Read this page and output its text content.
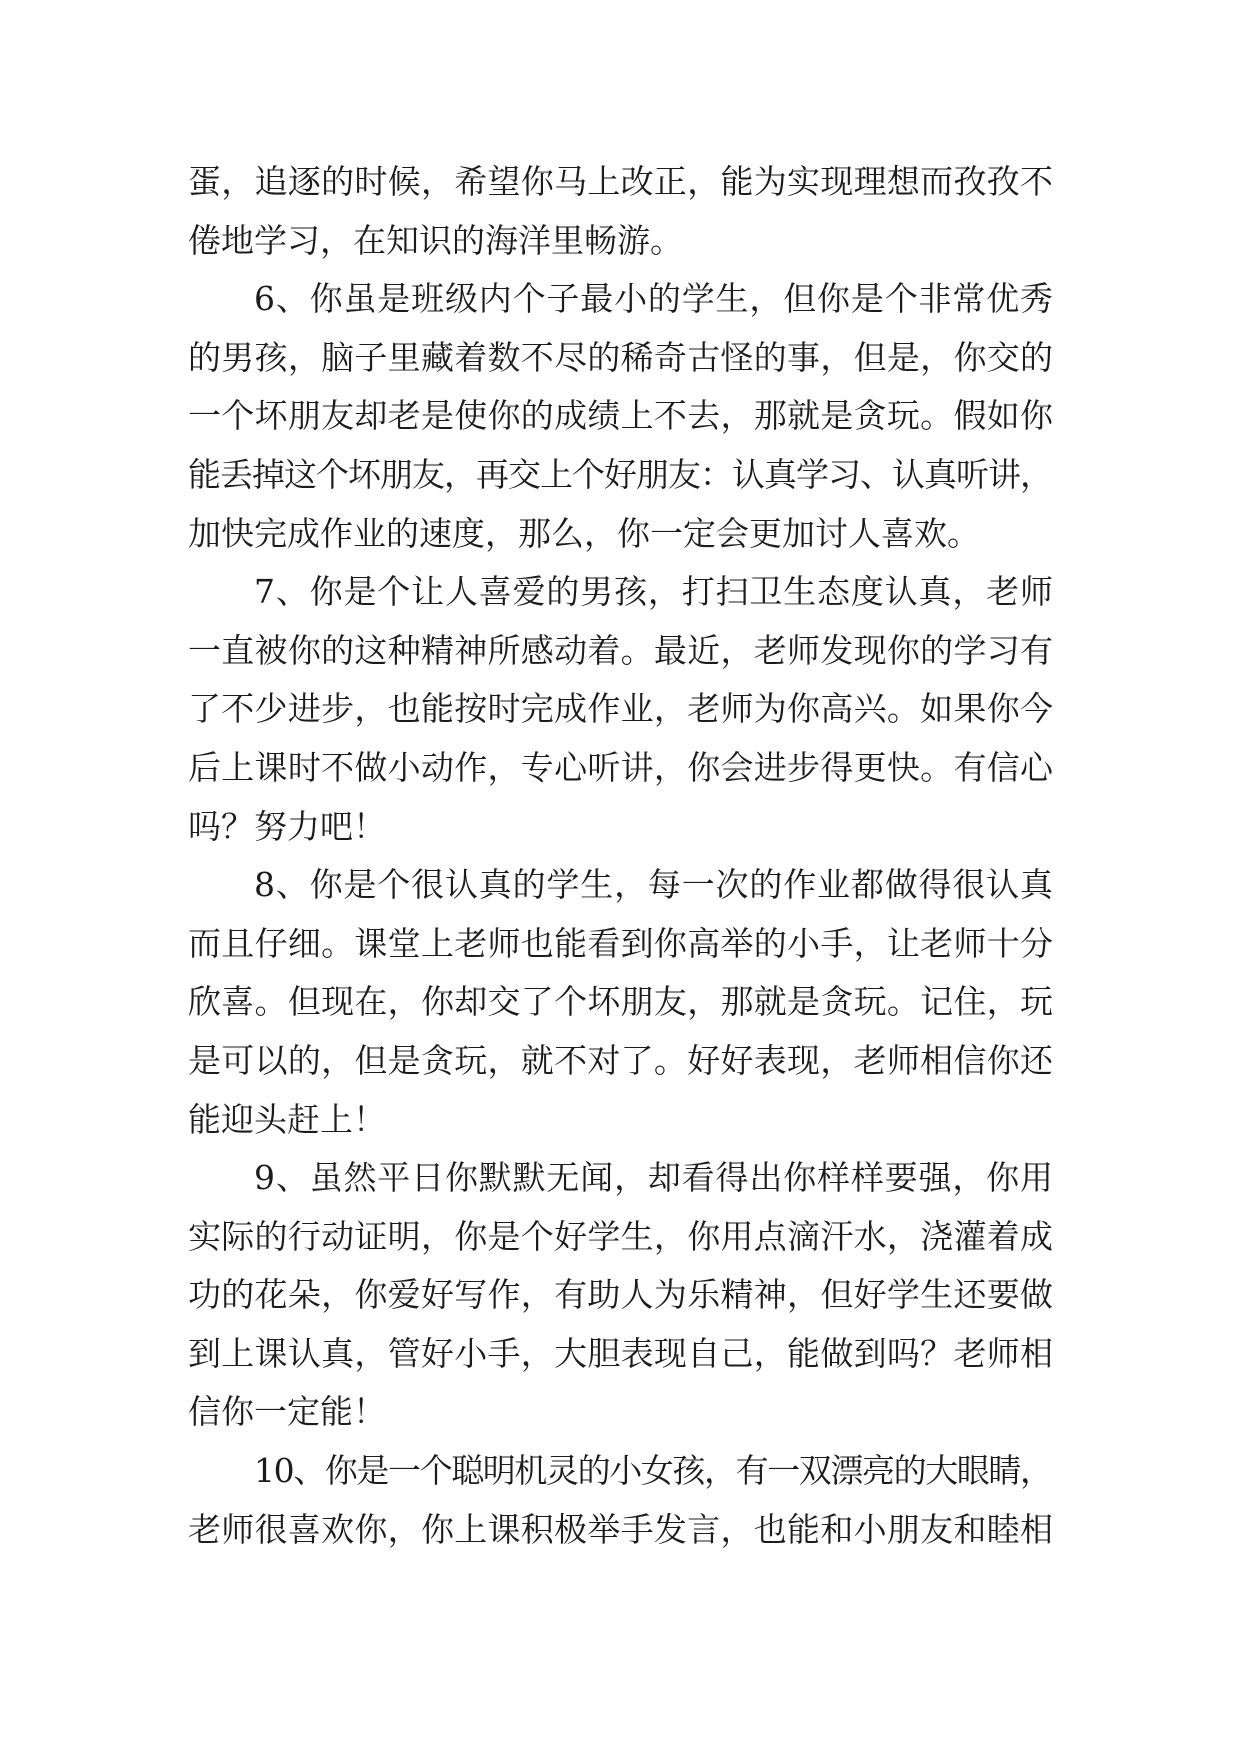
蛋，追逐的时候，希望你马上改正，能为实现理想而孜孜不
倦地学习，在知识的海洋里畅游。
6、你虽是班级内个子最小的学生，但你是个非常优秀
的男孩，脑子里藏着数不尽的稀奇古怪的事，但是，你交的
一个坏朋友却老是使你的成绩上不去，那就是贪玩。假如你
能丢掉这个坏朋友，再交上个好朋友：认真学习、认真听讲，
加快完成作业的速度，那么，你一定会更加讨人喜欢。
7、你是个让人喜爱的男孩，打扫卫生态度认真，老师
一直被你的这种精神所感动着。最近，老师发现你的学习有
了不少进步，也能按时完成作业，老师为你高兴。如果你今
后上课时不做小动作，专心听讲，你会进步得更快。有信心
吗？努力吧！
8、你是个很认真的学生，每一次的作业都做得很认真
而且仔细。课堂上老师也能看到你高举的小手，让老师十分
欣喜。但现在，你却交了个坏朋友，那就是贪玩。记住，玩
是可以的，但是贪玩，就不对了。好好表现，老师相信你还
能迎头赶上！
9、虽然平日你默默无闻，却看得出你样样要强，你用
实际的行动证明，你是个好学生，你用点滴汗水，浇灌着成
功的花朵，你爱好写作，有助人为乐精神，但好学生还要做
到上课认真，管好小手，大胆表现自己，能做到吗？老师相
信你一定能！
10、你是一个聪明机灵的小女孩，有一双漂亮的大眼睛，
老师很喜欢你，你上课积极举手发言，也能和小朋友和睦相
